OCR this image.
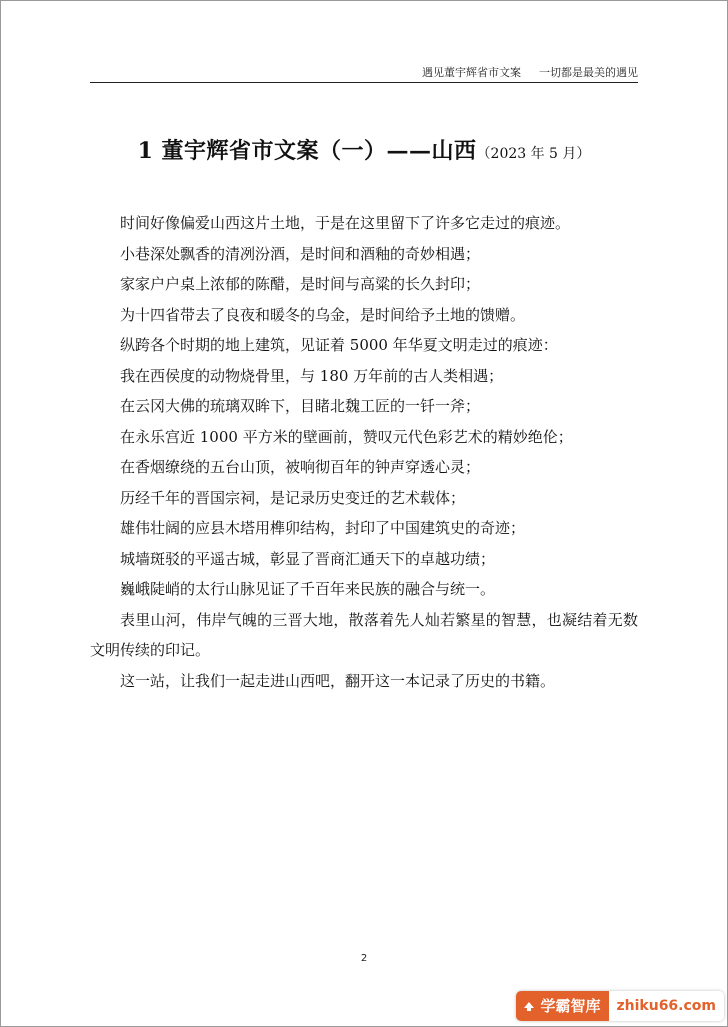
遇见董宇辉省市文案 一切都是最美的遇见
1 董宇辉省市文案（一）——山西（2023 年 5 月）

时间好像偏爱山西这片土地，于是在这里留下了许多它走过的痕迹。

小巷深处飘香的清冽汾酒，是时间和酒釉的奇妙相遇；

家家户户桌上浓郁的陈醋，是时间与高粱的长久封印；

为十四省带去了良夜和暖冬的乌金，是时间给予土地的馈赠。

纵跨各个时期的地上建筑，见证着 5000 年华夏文明走过的痕迹：

我在西侯度的动物烧骨里，与 180 万年前的古人类相遇；

在云冈大佛的琉璃双眸下，目睹北魏工匠的一钎一斧；

在永乐宫近 1000 平方米的壁画前，赞叹元代色彩艺术的精妙绝伦；

在香烟缭绕的五台山顶，被响彻百年的钟声穿透心灵；

历经千年的晋国宗祠，是记录历史变迁的艺术载体；

雄伟壮阔的应县木塔用榫卯结构，封印了中国建筑史的奇迹；

城墙斑驳的平遥古城，彰显了晋商汇通天下的卓越功绩；

巍峨陡峭的太行山脉见证了千百年来民族的融合与统一。

表里山河，伟岸气魄的三晋大地，散落着先人灿若繁星的智慧，也凝结着无数文明传续的印记。

这一站，让我们一起走进山西吧，翻开这一本记录了历史的书籍。

2
学霸智库	zhiku66.com
